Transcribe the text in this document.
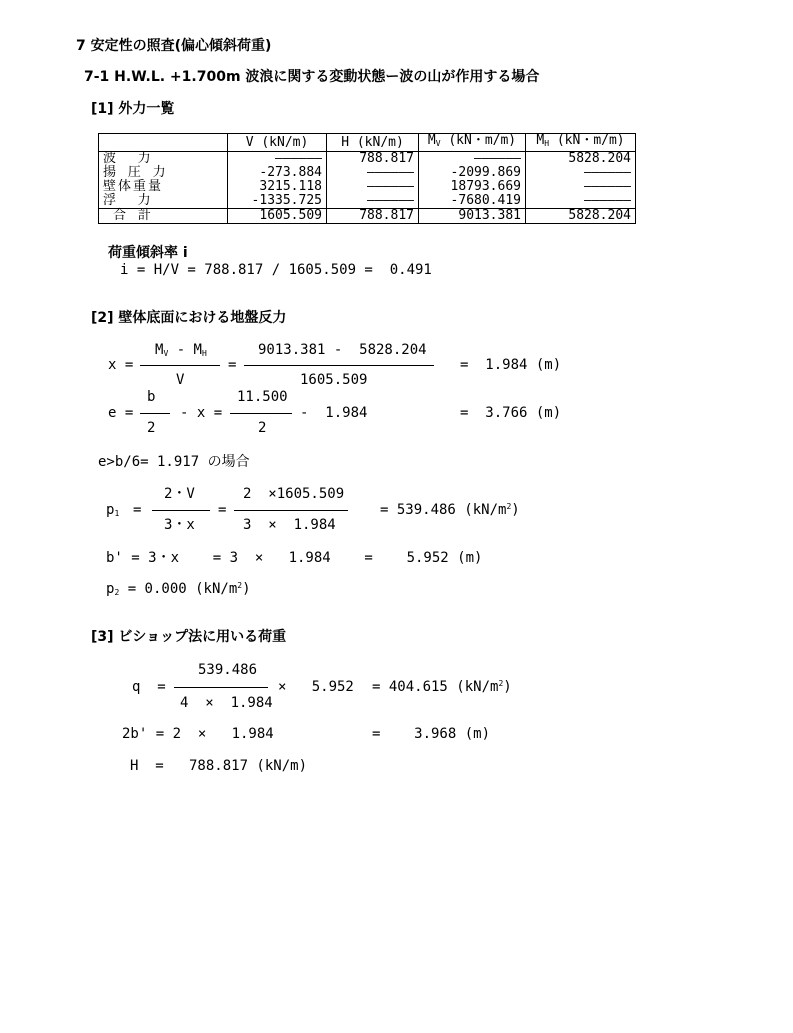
7 安定性の照査(偏心傾斜荷重)
7-1 H.W.L. +1.700m 波浪に関する変動状態ー波の山が作用する場合
[1] 外力一覧
	V (kN/m)	H (kN/m)	$M_V$ (kN・m/m)	$M_H$ (kN・m/m)
波  力	――――――	788.817	――――――	5828.204
揚 圧 力	-273.884	――――――	-2099.869	――――――
壁体重量	3215.118	――――――	18793.669	――――――
浮  力	-1335.725	――――――	-7680.419	――――――
合 計	1605.509	788.817	9013.381	5828.204
荷重傾斜率 i
i = H/V = 788.817 / 1605.509 =  0.491
[2] 壁体底面における地盤反力
x =
$M_V - M_H$
V
=
9013.381 -  5828.204
1605.509
=  1.984 (m)
e =
b
2
- x =
11.500
2
-  1.984	=  3.766 (m)
e>b/6= 1.917 の場合
$p_1$ =
2・V
3・x
=
2  ×1605.509
3  ×  1.984
= 539.486 $(kN/m^2)$
b' = 3・x    = 3  ×   1.984    =    5.952 (m)
$p_2 = 0.000$ $(kN/m^2)$
[3] ビショップ法に用いる荷重
q  =
539.486
4  ×  1.984
×   5.952 = 404.615 $(kN/m^2)$
2b' = 2  ×   1.984	=    3.968 (m)
H  =   788.817 (kN/m)
